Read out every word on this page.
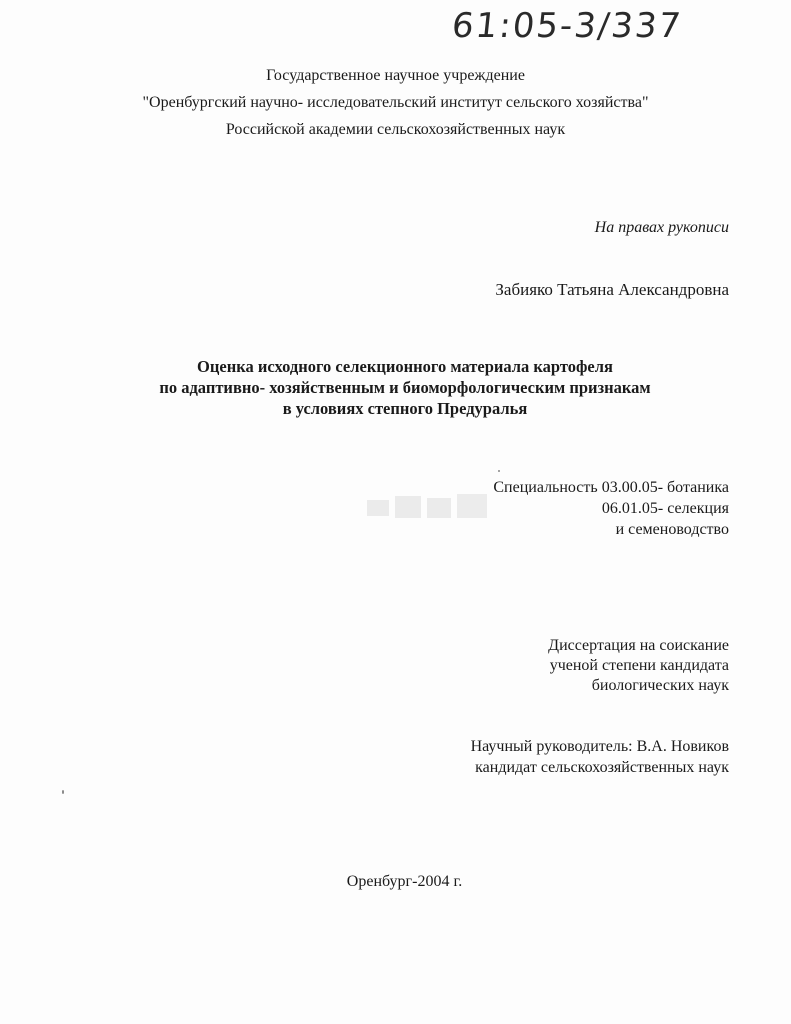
61:05-3/337
Государственное научное учреждение
"Оренбургский научно- исследовательский институт сельского хозяйства"
Российской академии сельскохозяйственных наук
На правах рукописи
Забияко Татьяна Александровна
Оценка исходного селекционного материала картофеля
по адаптивно- хозяйственным и биоморфологическим признакам
в условиях степного Предуралья
Специальность 03.00.05- ботаника
06.01.05- селекция
и семеноводство
Диссертация на соискание
ученой степени кандидата
биологических наук
Научный руководитель: В.А. Новиков
кандидат сельскохозяйственных наук
Оренбург-2004 г.
